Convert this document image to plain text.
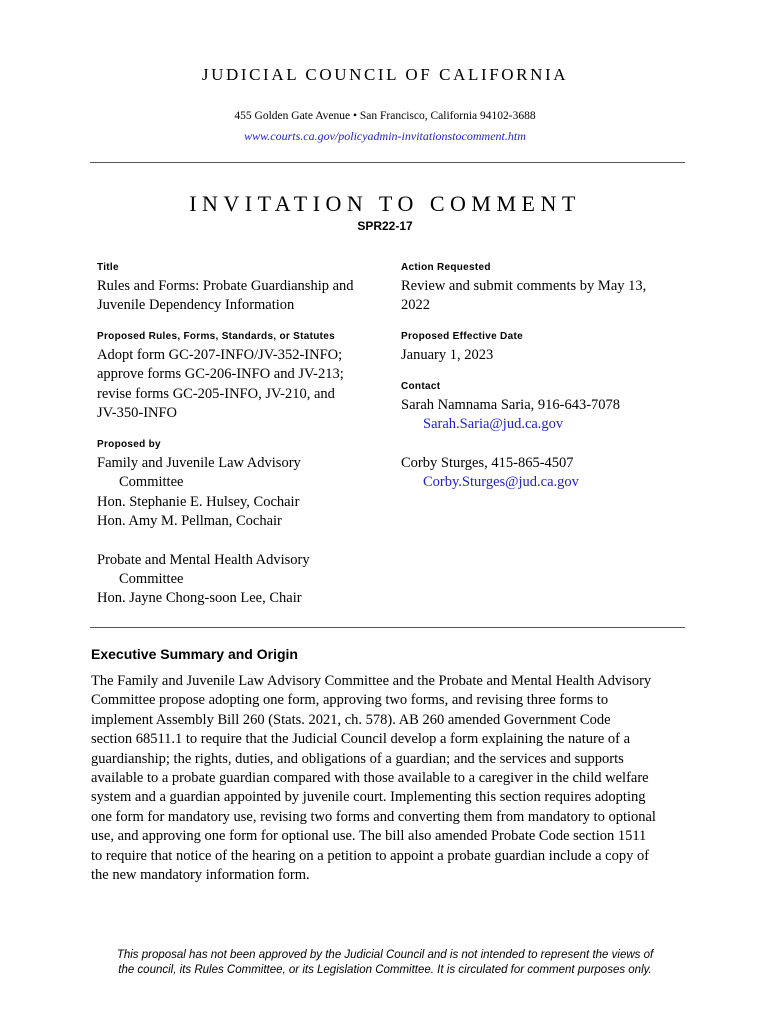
JUDICIAL COUNCIL OF CALIFORNIA
455 Golden Gate Avenue • San Francisco, California 94102-3688
www.courts.ca.gov/policyadmin-invitationstocomment.htm
INVITATION TO COMMENT
SPR22-17
Title
Rules and Forms: Probate Guardianship and
Juvenile Dependency Information
Proposed Rules, Forms, Standards, or Statutes
Adopt form GC-207-INFO/JV-352-INFO;
approve forms GC-206-INFO and JV-213;
revise forms GC-205-INFO, JV-210, and
JV-350-INFO
Proposed by
Family and Juvenile Law Advisory
Committee
Hon. Stephanie E. Hulsey, Cochair
Hon. Amy M. Pellman, Cochair
Probate and Mental Health Advisory
Committee
Hon. Jayne Chong-soon Lee, Chair
Action Requested
Review and submit comments by May 13,
2022
Proposed Effective Date
January 1, 2023
Contact
Sarah Namnama Saria, 916-643-7078
Sarah.Saria@jud.ca.gov
Corby Sturges, 415-865-4507
Corby.Sturges@jud.ca.gov
Executive Summary and Origin
The Family and Juvenile Law Advisory Committee and the Probate and Mental Health Advisory
Committee propose adopting one form, approving two forms, and revising three forms to
implement Assembly Bill 260 (Stats. 2021, ch. 578). AB 260 amended Government Code
section 68511.1 to require that the Judicial Council develop a form explaining the nature of a
guardianship; the rights, duties, and obligations of a guardian; and the services and supports
available to a probate guardian compared with those available to a caregiver in the child welfare
system and a guardian appointed by juvenile court. Implementing this section requires adopting
one form for mandatory use, revising two forms and converting them from mandatory to optional
use, and approving one form for optional use. The bill also amended Probate Code section 1511
to require that notice of the hearing on a petition to appoint a probate guardian include a copy of
the new mandatory information form.
This proposal has not been approved by the Judicial Council and is not intended to represent the views of
the council, its Rules Committee, or its Legislation Committee. It is circulated for comment purposes only.
